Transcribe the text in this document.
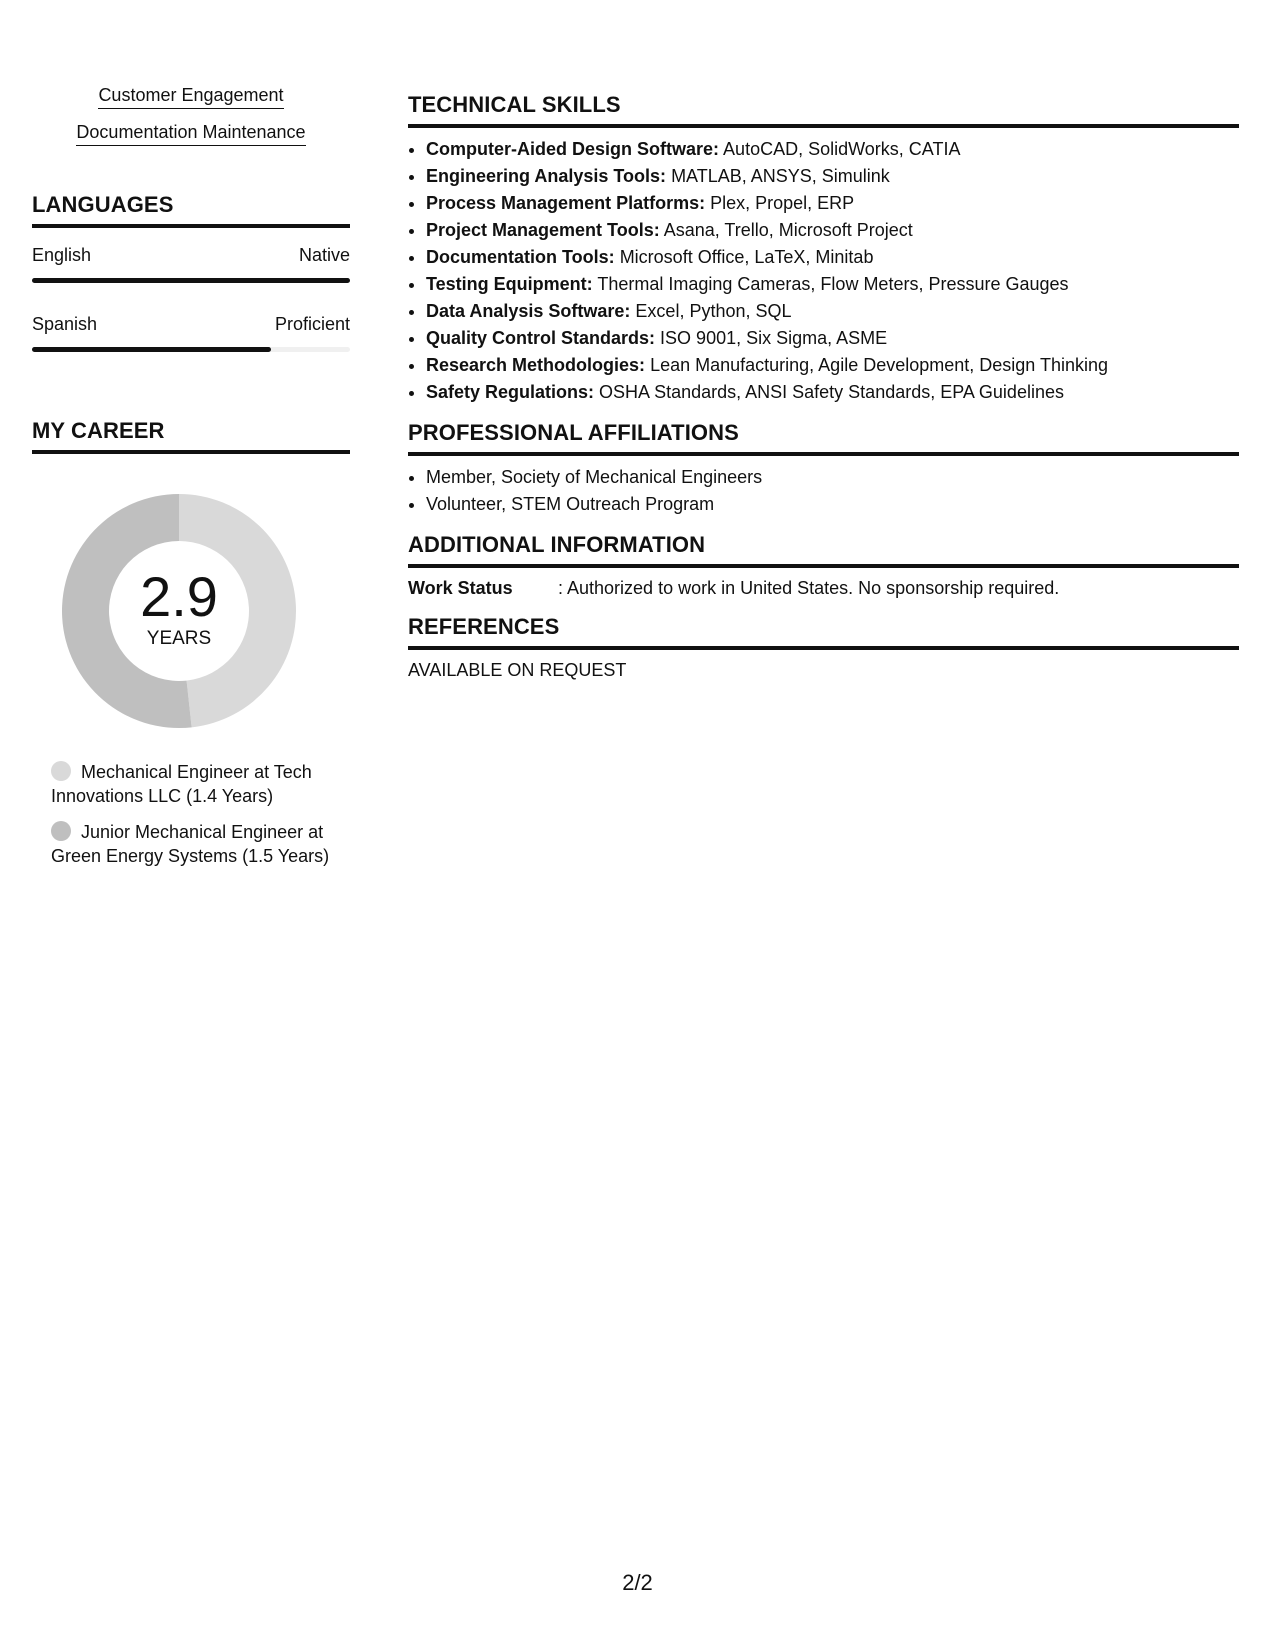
Customer Engagement
Documentation Maintenance
LANGUAGES
English	Native
Spanish	Proficient
MY CAREER
2.9
YEARS
Mechanical Engineer at Tech Innovations LLC (1.4 Years)
Junior Mechanical Engineer at Green Energy Systems (1.5 Years)
TECHNICAL SKILLS
• Computer-Aided Design Software: AutoCAD, SolidWorks, CATIA
• Engineering Analysis Tools: MATLAB, ANSYS, Simulink
• Process Management Platforms: Plex, Propel, ERP
• Project Management Tools: Asana, Trello, Microsoft Project
• Documentation Tools: Microsoft Office, LaTeX, Minitab
• Testing Equipment: Thermal Imaging Cameras, Flow Meters, Pressure Gauges
• Data Analysis Software: Excel, Python, SQL
• Quality Control Standards: ISO 9001, Six Sigma, ASME
• Research Methodologies: Lean Manufacturing, Agile Development, Design Thinking
• Safety Regulations: OSHA Standards, ANSI Safety Standards, EPA Guidelines
PROFESSIONAL AFFILIATIONS
• Member, Society of Mechanical Engineers
• Volunteer, STEM Outreach Program
ADDITIONAL INFORMATION
Work Status	: Authorized to work in United States. No sponsorship required.
REFERENCES
AVAILABLE ON REQUEST
2/2
